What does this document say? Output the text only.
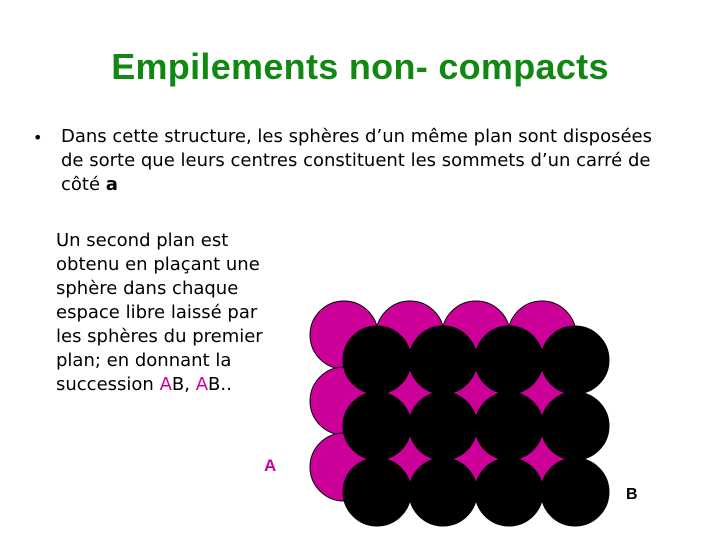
Empilements non- compacts
• Dans cette structure, les sphères d’un même plan sont disposées de sorte que leurs centres constituent les sommets d’un carré de côté a
Un second plan est obtenu en plaçant une sphère dans chaque espace libre laissé par les sphères du premier plan; en donnant la succession AB, AB..
A
B
